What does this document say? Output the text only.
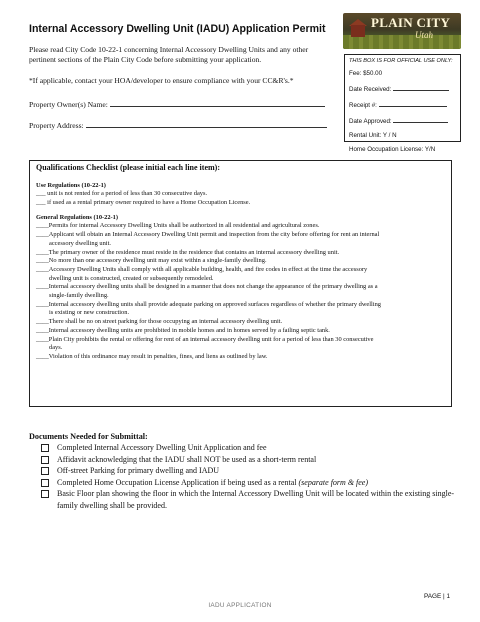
Internal Accessory Dwelling Unit (IADU) Application Permit	PLAIN CITY
Utah
Please read City Code 10-22-1 concerning Internal Accessory Dwelling Units and any other pertinent sections of the Plain City Code before submitting your application.
*If applicable, contact your HOA/developer to ensure compliance with your CC&R's.*
Property Owner(s) Name:
Property Address:
THIS BOX IS FOR OFFICIAL USE ONLY:
Fee: $50.00
Date Received:
Receipt #:
Date Approved:
Rental Unit: Y / N
Home Occupation License: Y/N
Qualifications Checklist (please initial each line item):
Use Regulations (10-22-1)
___ unit is not rented for a period of less than 30 consecutive days.
___ if used as a rental primary owner required to have a Home Occupation License.
General Regulations (10-22-1)
____Permits for internal Accessory Dwelling Units shall be authorized in all residential and agricultural zones.
____Applicant will obtain an Internal Accessory Dwelling Unit permit and inspection from the city before offering for rent an internal
accessory dwelling unit.
____The primary owner of the residence must reside in the residence that contains an internal accessory dwelling unit.
____No more than one accessory dwelling unit may exist within a single-family dwelling.
____Accessory Dwelling Units shall comply with all applicable building, health, and fire codes in effect at the time the accessory
dwelling unit is constructed, created or subsequently remodeled.
____Internal accessory dwelling units shall be designed in a manner that does not change the appearance of the primary dwelling as a
single-family dwelling.
____Internal accessory dwelling units shall provide adequate parking on approved surfaces regardless of whether the primary dwelling
is existing or new construction.
____There shall be no on street parking for those occupying an internal accessory dwelling unit.
____Internal accessory dwelling units are prohibited in mobile homes and in homes served by a failing septic tank.
____Plain City prohibits the rental or offering for rent of an internal accessory dwelling unit for a period of less than 30 consecutive
days.
____Violation of this ordinance may result in penalties, fines, and liens as outlined by law.
Documents Needed for Submittal:
Completed Internal Accessory Dwelling Unit Application and fee
Affidavit acknowledging that the IADU shall NOT be used as a short-term rental
Off-street Parking for primary dwelling and IADU
Completed Home Occupation License Application if being used as a rental (separate form & fee)
Basic Floor plan showing the floor in which the Internal Accessory Dwelling Unit will be located within the existing single-family dwelling shall be provided.
PAGE | 1
IADU APPLICATION
